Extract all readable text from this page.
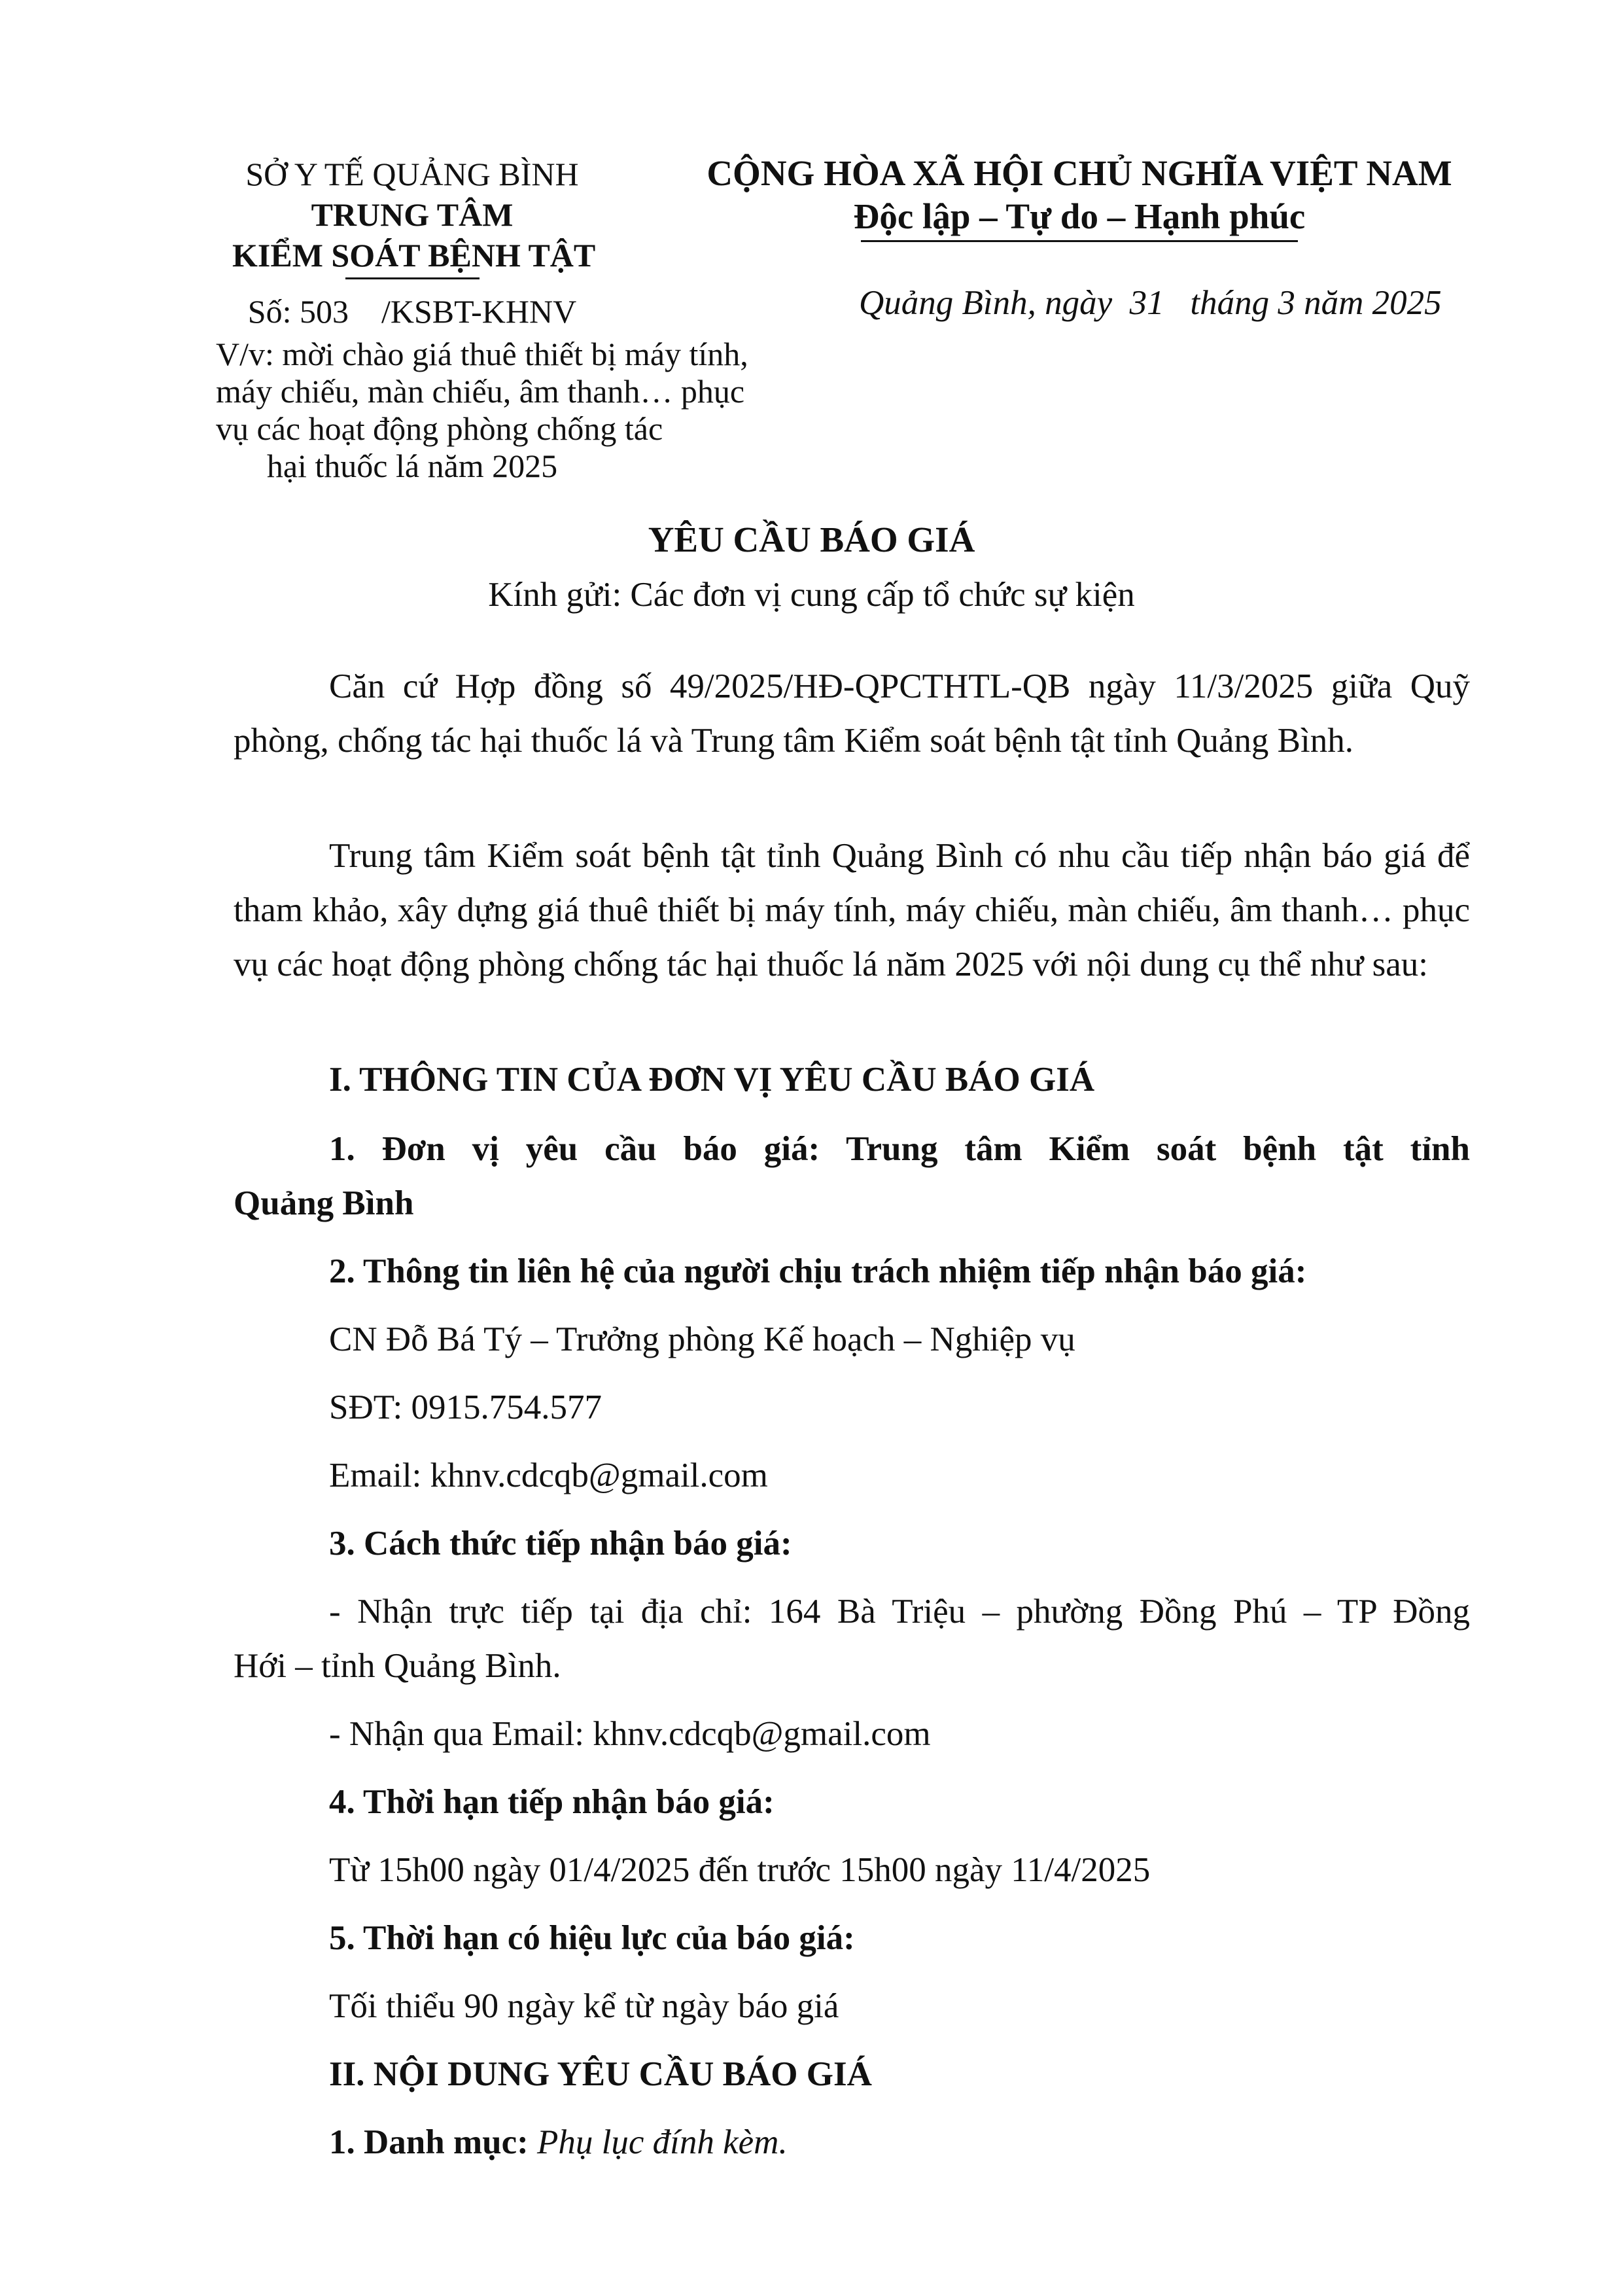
SỞ Y TẾ QUẢNG BÌNH
TRUNG TÂM
KIỂM SOÁT BỆNH TẬT
Số: 503    /KSBT-KHNV
V/v: mời chào giá thuê thiết bị máy tính,
máy chiếu, màn chiếu, âm thanh… phục
vụ các hoạt động phòng chống tác
hại thuốc lá năm 2025
CỘNG HÒA XÃ HỘI CHỦ NGHĨA VIỆT NAM
Độc lập – Tự do – Hạnh phúc
Quảng Bình, ngày  31   tháng 3 năm 2025
YÊU CẦU BÁO GIÁ
Kính gửi: Các đơn vị cung cấp tổ chức sự kiện
Căn cứ Hợp đồng số 49/2025/HĐ-QPCTHTL-QB ngày 11/3/2025 giữa Quỹ phòng, chống tác hại thuốc lá và Trung tâm Kiểm soát bệnh tật tỉnh Quảng Bình.
Trung tâm Kiểm soát bệnh tật tỉnh Quảng Bình có nhu cầu tiếp nhận báo giá để tham khảo, xây dựng giá thuê thiết bị máy tính, máy chiếu, màn chiếu, âm thanh… phục vụ các hoạt động phòng chống tác hại thuốc lá năm 2025 với nội dung cụ thể như sau:
I. THÔNG TIN CỦA ĐƠN VỊ YÊU CẦU BÁO GIÁ
1. Đơn vị yêu cầu báo giá: Trung tâm Kiểm soát bệnh tật tỉnh
Quảng Bình
2. Thông tin liên hệ của người chịu trách nhiệm tiếp nhận báo giá:
CN Đỗ Bá Tý – Trưởng phòng Kế hoạch – Nghiệp vụ
SĐT: 0915.754.577
Email: khnv.cdcqb@gmail.com
3. Cách thức tiếp nhận báo giá:
- Nhận trực tiếp tại địa chỉ: 164 Bà Triệu – phường Đồng Phú – TP Đồng
Hới – tỉnh Quảng Bình.
- Nhận qua Email: khnv.cdcqb@gmail.com
4. Thời hạn tiếp nhận báo giá:
Từ 15h00 ngày 01/4/2025 đến trước 15h00 ngày 11/4/2025
5. Thời hạn có hiệu lực của báo giá:
Tối thiểu 90 ngày kể từ ngày báo giá
II. NỘI DUNG YÊU CẦU BÁO GIÁ
1. Danh mục: Phụ lục đính kèm.
